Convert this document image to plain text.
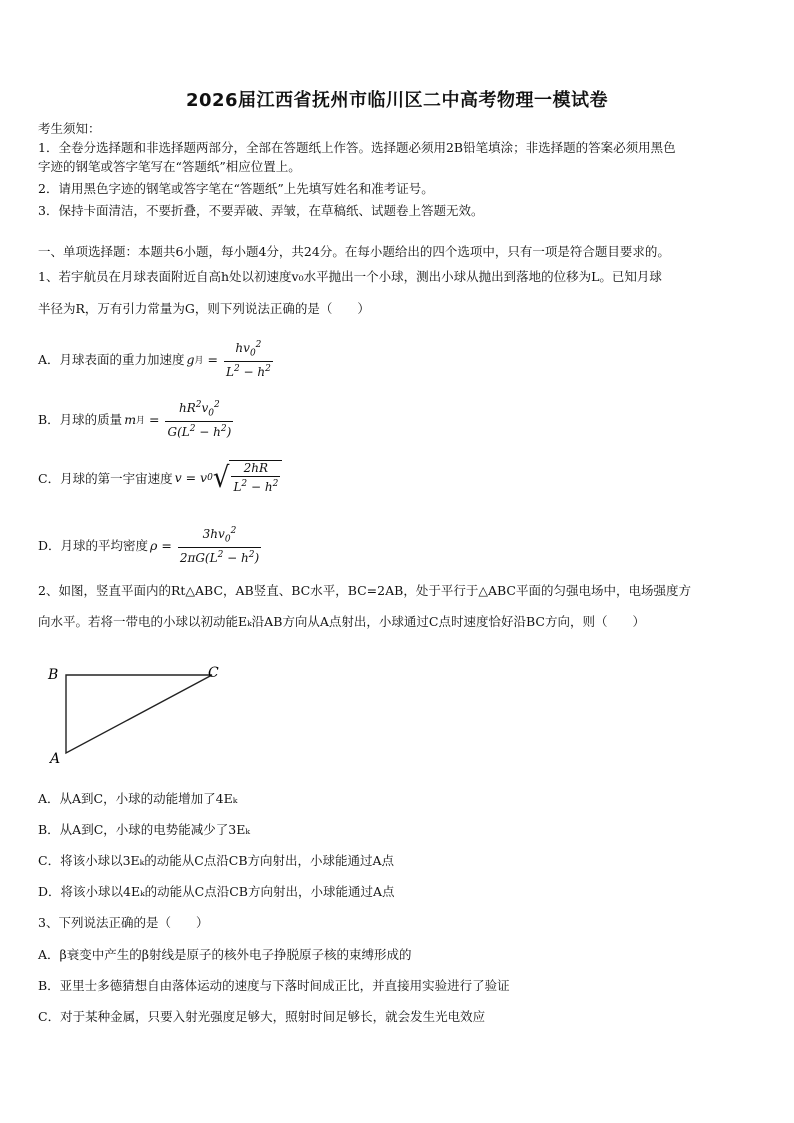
2026届江西省抚州市临川区二中高考物理一模试卷
考生须知：
1．全卷分选择题和非选择题两部分，全部在答题纸上作答。选择题必须用2B铅笔填涂；非选择题的答案必须用黑色
字迹的钢笔或答字笔写在“答题纸”相应位置上。
2．请用黑色字迹的钢笔或答字笔在“答题纸”上先填写姓名和准考证号。
3．保持卡面清洁，不要折叠，不要弄破、弄皱，在草稿纸、试题卷上答题无效。
一、单项选择题：本题共6小题，每小题4分，共24分。在每小题给出的四个选项中，只有一项是符合题目要求的。
1、若宇航员在月球表面附近自高h处以初速度v₀水平抛出一个小球，测出小球从抛出到落地的位移为L。已知月球
半径为R，万有引力常量为G，则下列说法正确的是（　　）
A．月球表面的重力加速度 g 月 = $\frac{hv_0^2}{L^2 - h^2}$
B．月球的质量 m 月 = $\frac{hR^2v_0^2}{G(L^2 - h^2)}$
C．月球的第一宇宙速度 v = v 0 √ $\frac{2hR}{L^2 - h^2}$
D．月球的平均密度 $\rho = \frac{3hv_0^2}{2\pi G(L^2 - h^2)}$
2、如图，竖直平面内的Rt△ABC，AB竖直、BC水平，BC=2AB，处于平行于△ABC平面的匀强电场中，电场强度方
向水平。若将一带电的小球以初动能Eₖ沿AB方向从A点射出，小球通过C点时速度恰好沿BC方向，则（　　）
B	C
A
A．从A到C，小球的动能增加了4Eₖ
B．从A到C，小球的电势能减少了3Eₖ
C．将该小球以3Eₖ的动能从C点沿CB方向射出，小球能通过A点
D．将该小球以4Eₖ的动能从C点沿CB方向射出，小球能通过A点
3、下列说法正确的是（　　）
A．β衰变中产生的β射线是原子的核外电子挣脱原子核的束缚形成的
B．亚里士多德猜想自由落体运动的速度与下落时间成正比，并直接用实验进行了验证
C．对于某种金属，只要入射光强度足够大，照射时间足够长，就会发生光电效应
